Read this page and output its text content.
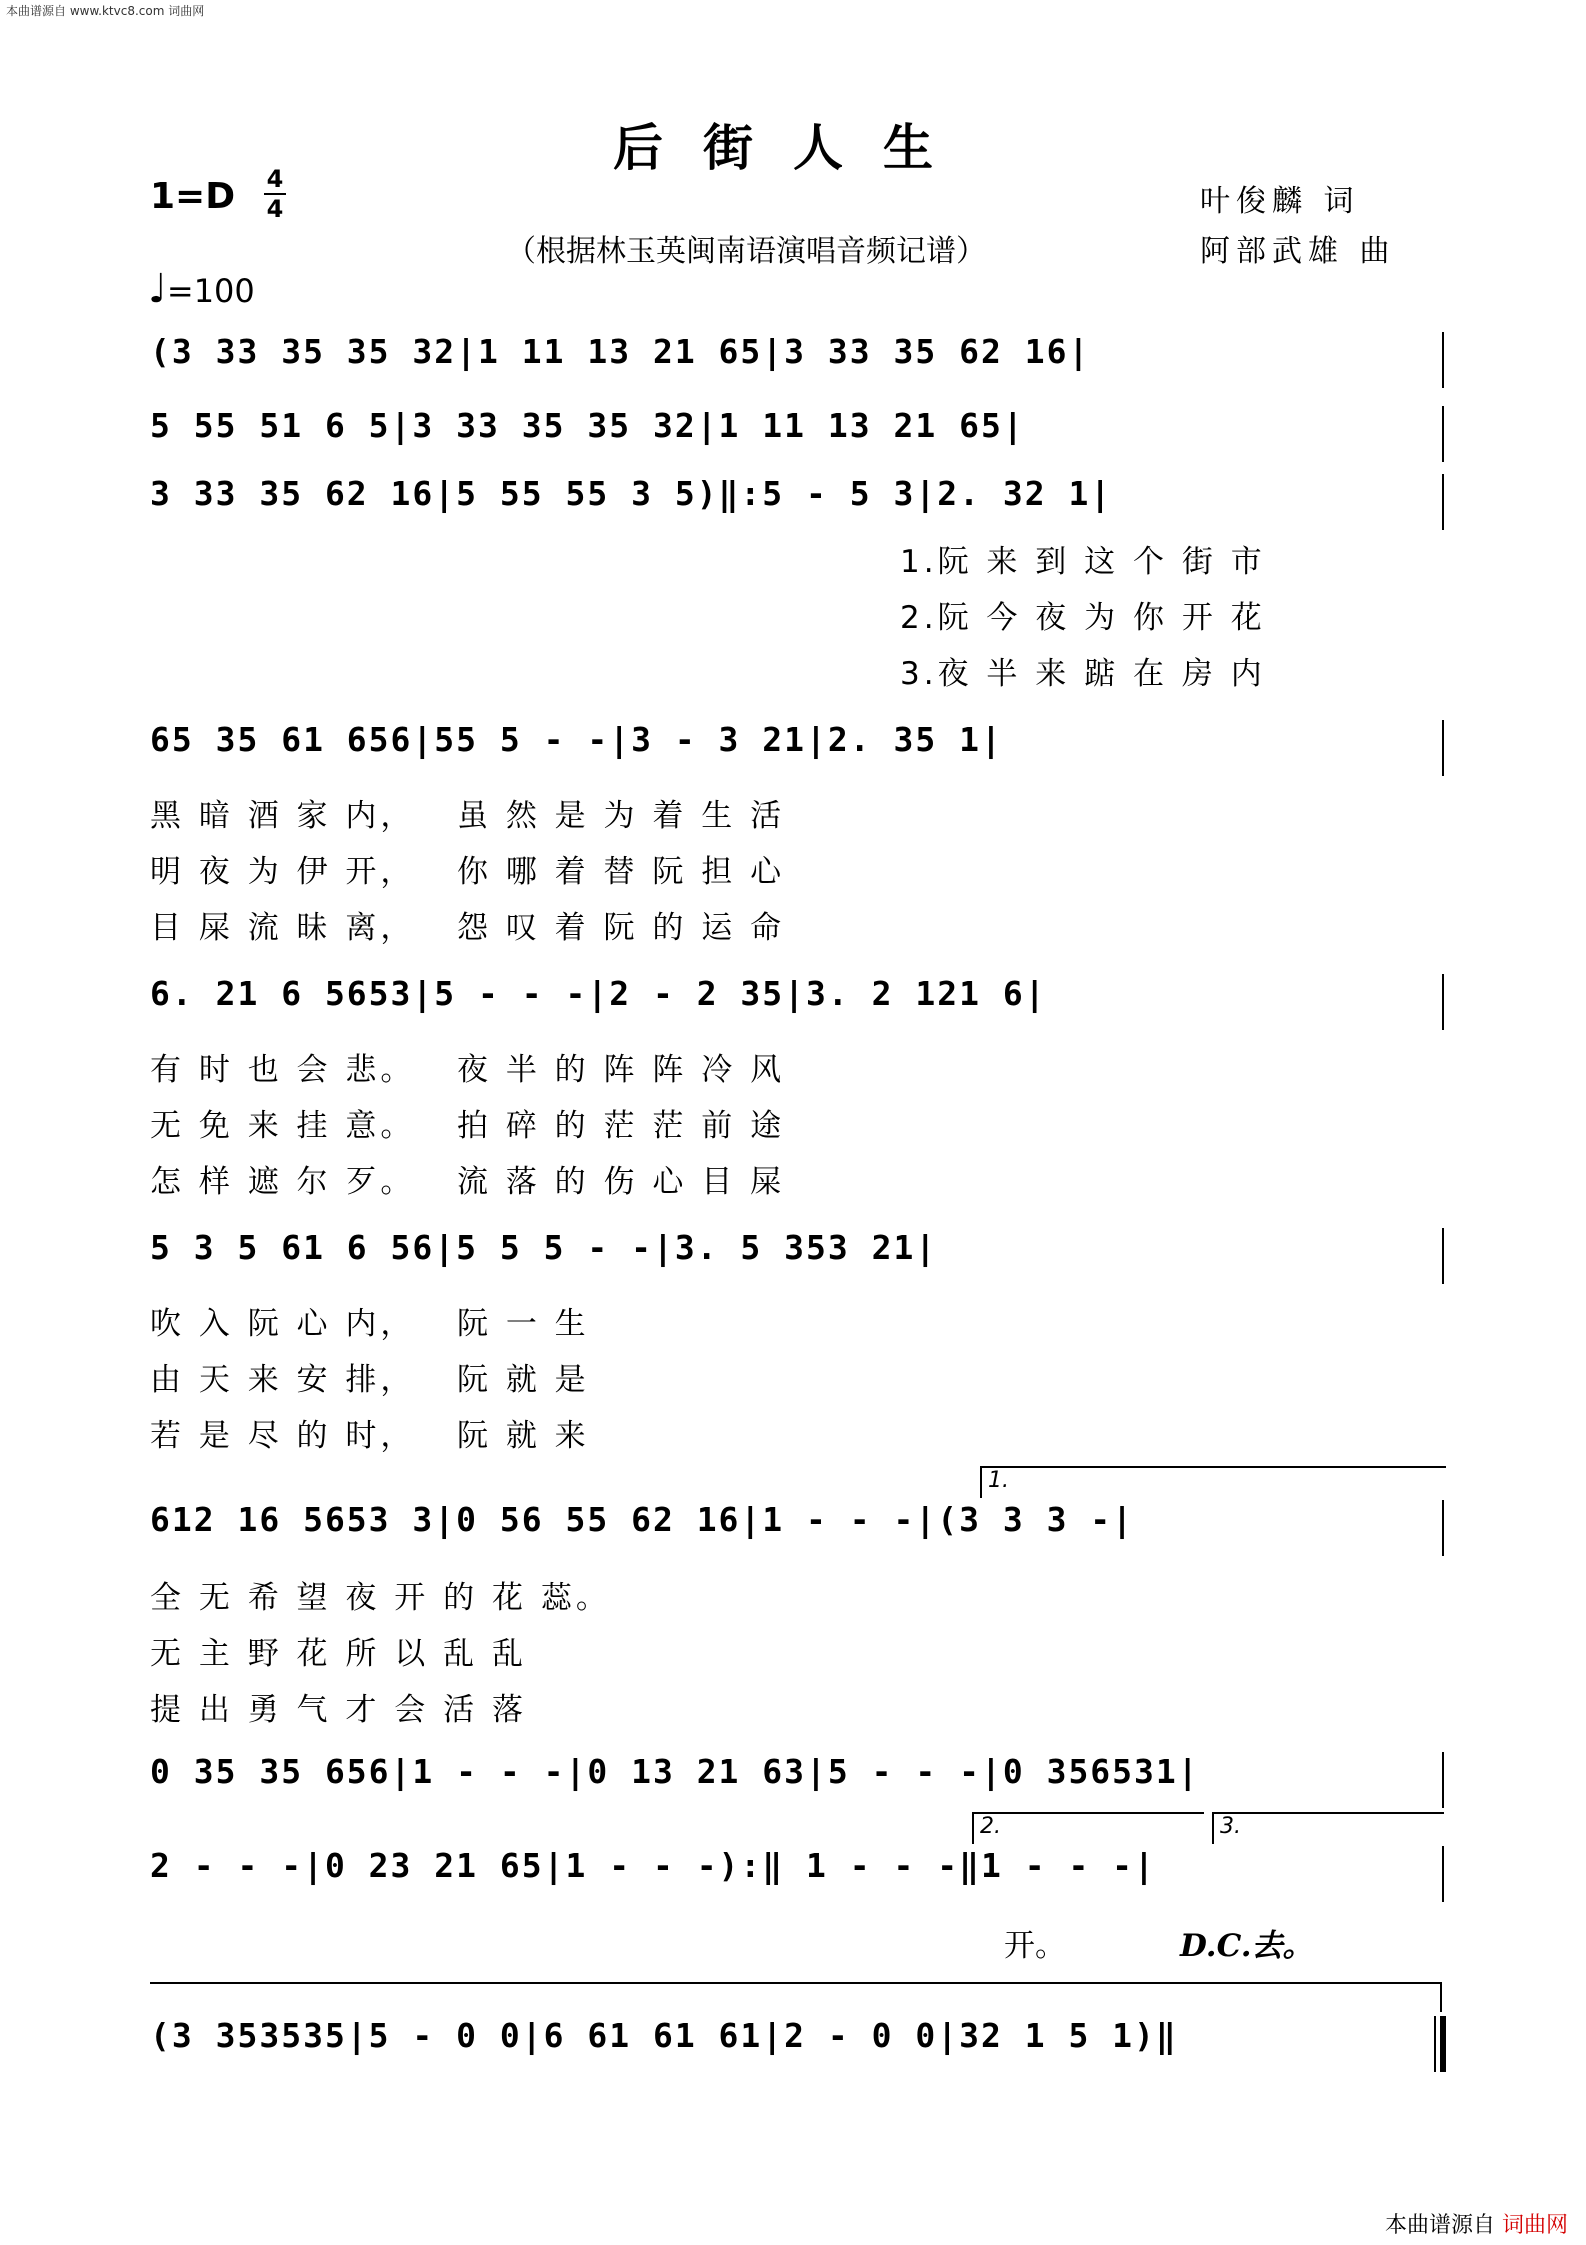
本曲谱源自 www.ktvc8.com 词曲网
后街人生
1=D 4
4	叶俊麟 词
（根据林玉英闽南语演唱音频记谱）	阿部武雄 曲
♩=100
(3 33 35 35 32|1 11 13 21 65|3 33 35 62 16|
5 55 51 6 5|3 33 35 35 32|1 11 13 21 65|
3 33 35 62 16|5 55 55 3 5)‖:5 - 5 3|2. 32 1|
1.阮 来 到 这 个 街 市
2.阮 今 夜 为 你 开 花
3.夜 半 来 踮 在 房 内
65 35 61 656|55 5 - -|3 - 3 21|2. 35 1|
黑 暗 酒 家 内，   虽 然 是 为 着 生 活
明 夜 为 伊 开，   你 哪 着 替 阮 担 心
目 屎 流 昧 离，   怨 叹 着 阮 的 运 命
6. 21 6 5653|5 - - -|2 - 2 35|3. 2 121 6|
有 时 也 会 悲。   夜 半 的 阵 阵 冷 风
无 免 来 挂 意。   拍 碎 的 茫 茫 前 途
怎 样 遮 尔 歹。   流 落 的 伤 心 目 屎
5 3 5 61 6 56|5 5 5 - -|3. 5 353 21|
吹 入 阮 心 内，   阮 一 生
由 天 来 安 排，   阮 就 是
若 是 尽 的 时，   阮 就 来
1.
612 16 5653 3|0 56 55 62 16|1 - - -|(3 3 3 -|
全 无 希 望 夜 开 的 花 蕊。
无 主 野 花 所 以 乱 乱
提 出 勇 气 才 会 活 落
0 35 35 656|1 - - -|0 13 21 63|5 - - -|0 356531|
2.	3.
2 - - -|0 23 21 65|1 - - -):‖ 1 - - -‖1 - - -|
开。	D.C.去。
(3 353535|5 - 0 0|6 61 61 61|2 - 0 0|32 1 5 1)‖
本曲谱源自 词曲网
